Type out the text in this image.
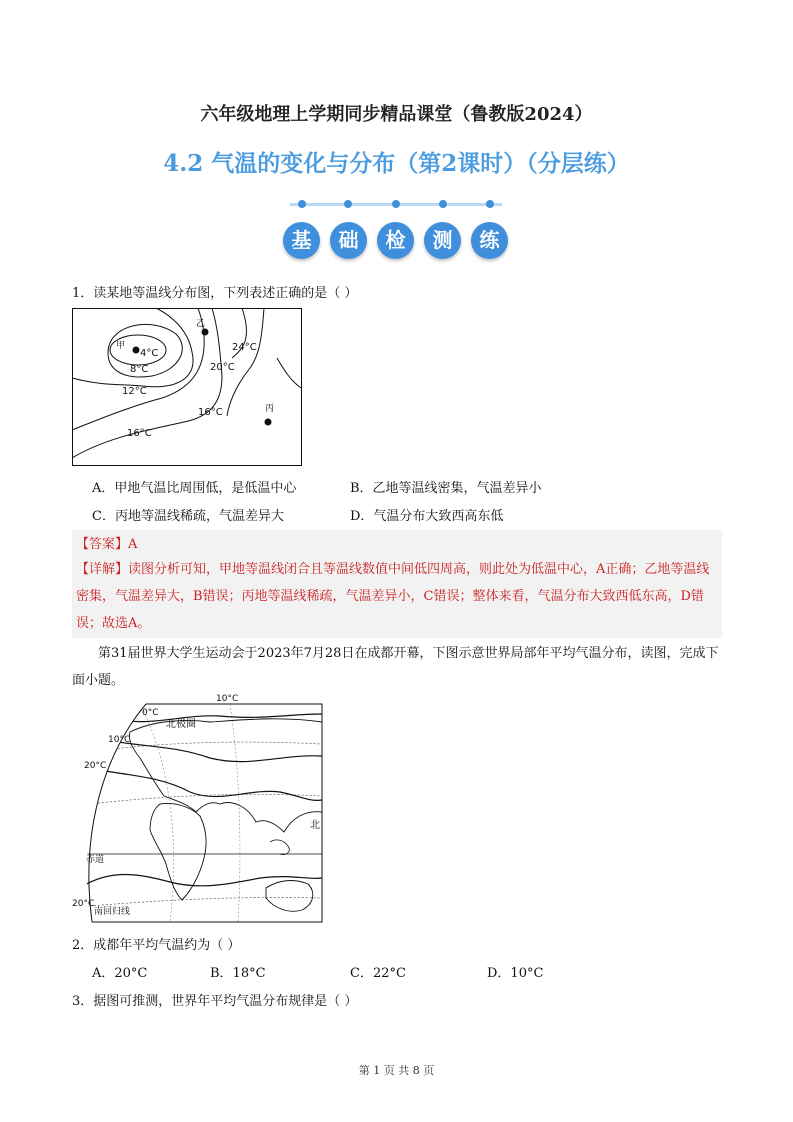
六年级地理上学期同步精品课堂（鲁教版2024）
4.2 气温的变化与分布（第2课时）（分层练）
基	础	检	测	练
1．读某地等温线分布图，下列表述正确的是（ ）
甲
乙
丙
4°C
8°C
12°C
16°C
16°C
20°C
24°C
A．甲地气温比周围低，是低温中心	B．乙地等温线密集，气温差异小
C．丙地等温线稀疏，气温差异大	D．气温分布大致西高东低
【答案】A
【详解】读图分析可知，甲地等温线闭合且等温线数值中间低四周高，则此处为低温中心，A正确；乙地等温线密集，气温差异大，B错误；丙地等温线稀疏，气温差异小，C错误；整体来看，气温分布大致西低东高，D错误；故选A。
第31届世界大学生运动会于2023年7月28日在成都开幕，下图示意世界局部年平均气温分布，读图，完成下面小题。
10°C
0°C
北极圈
10°C
20°C
北
赤道
20°C
南回归线
2．成都年平均气温约为（ ）
A．20°C	B．18°C	C．22°C	D．10°C
3．据图可推测，世界年平均气温分布规律是（ ）
第 1 页 共 8 页
